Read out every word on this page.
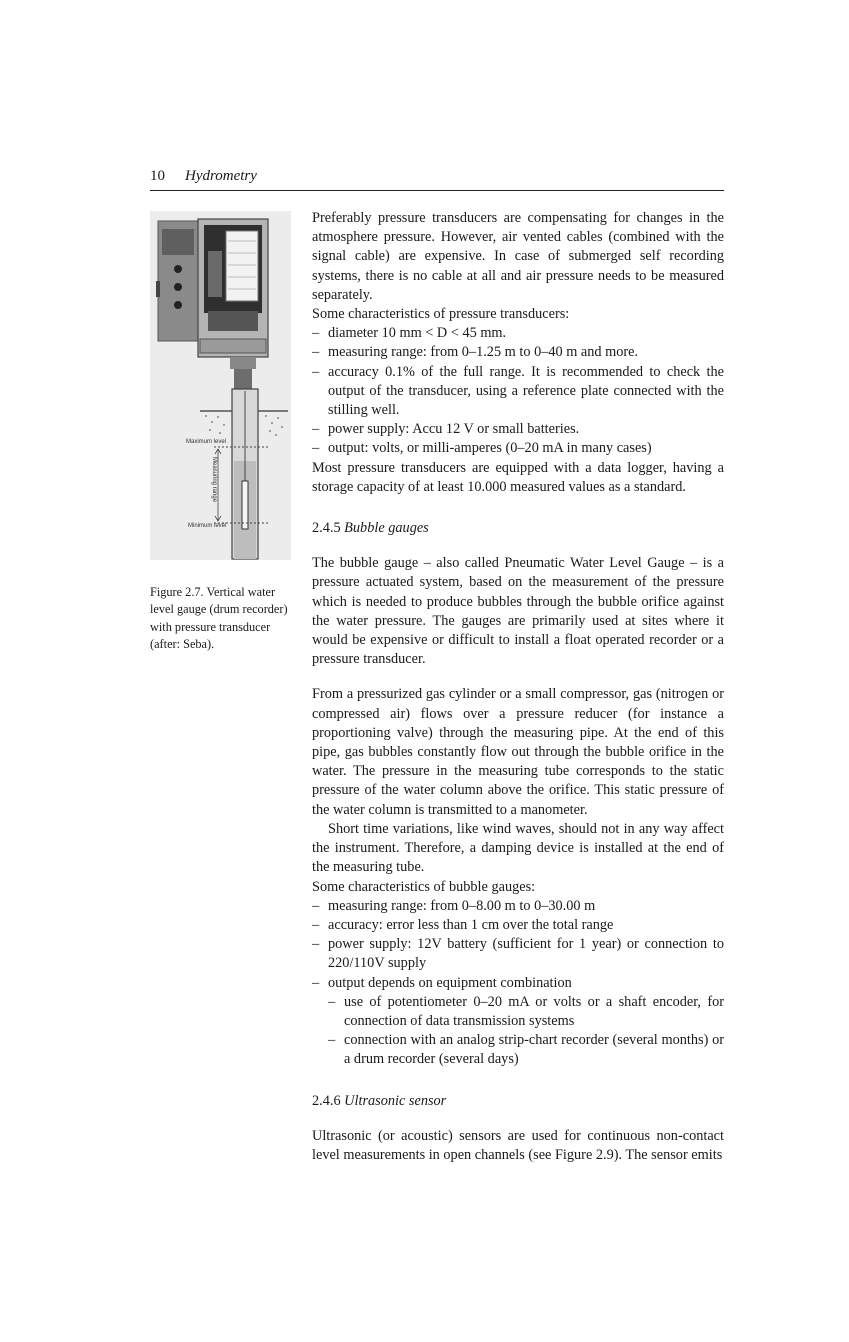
10 Hydrometry
Maximum level
Minimum level
Measuring range
Figure 2.7. Vertical water level gauge (drum recorder) with pressure transducer (after: Seba).

Preferably pressure transducers are compensating for changes in the atmosphere pressure. However, air vented cables (combined with the signal cable) are expensive. In case of submerged self recording systems, there is no cable at all and air pressure needs to be measured separately.

Some characteristics of pressure transducers:

– diameter 10 mm < D < 45 mm.
– measuring range: from 0–1.25 m to 0–40 m and more.
– accuracy 0.1% of the full range. It is recommended to check the output of the transducer, using a reference plate connected with the stilling well.
– power supply: Accu 12 V or small batteries.
– output: volts, or milli-amperes (0–20 mA in many cases)

Most pressure transducers are equipped with a data logger, having a storage capacity of at least 10.000 measured values as a standard.

2.4.5 Bubble gauges

The bubble gauge – also called Pneumatic Water Level Gauge – is a pressure actuated system, based on the measurement of the pressure which is needed to produce bubbles through the bubble orifice against the water pressure. The gauges are primarily used at sites where it would be expensive or difficult to install a float operated recorder or a pressure transducer.

From a pressurized gas cylinder or a small compressor, gas (nitrogen or compressed air) flows over a pressure reducer (for instance a proportioning valve) through the measuring pipe. At the end of this pipe, gas bubbles constantly flow out through the bubble orifice in the water. The pressure in the measuring tube corresponds to the static pressure of the water column above the orifice. This static pressure of the water column is transmitted to a manometer.

Short time variations, like wind waves, should not in any way affect the instrument. Therefore, a damping device is installed at the end of the measuring tube.

Some characteristics of bubble gauges:

– measuring range: from 0–8.00 m to 0–30.00 m
– accuracy: error less than 1 cm over the total range
– power supply: 12V battery (sufficient for 1 year) or connection to 220/110V supply
– output depends on equipment combination
– use of potentiometer 0–20 mA or volts or a shaft encoder, for connection of data transmission systems
– connection with an analog strip-chart recorder (several months) or a drum recorder (several days)

2.4.6 Ultrasonic sensor

Ultrasonic (or acoustic) sensors are used for continuous non-contact level measurements in open channels (see Figure 2.9). The sensor emits
